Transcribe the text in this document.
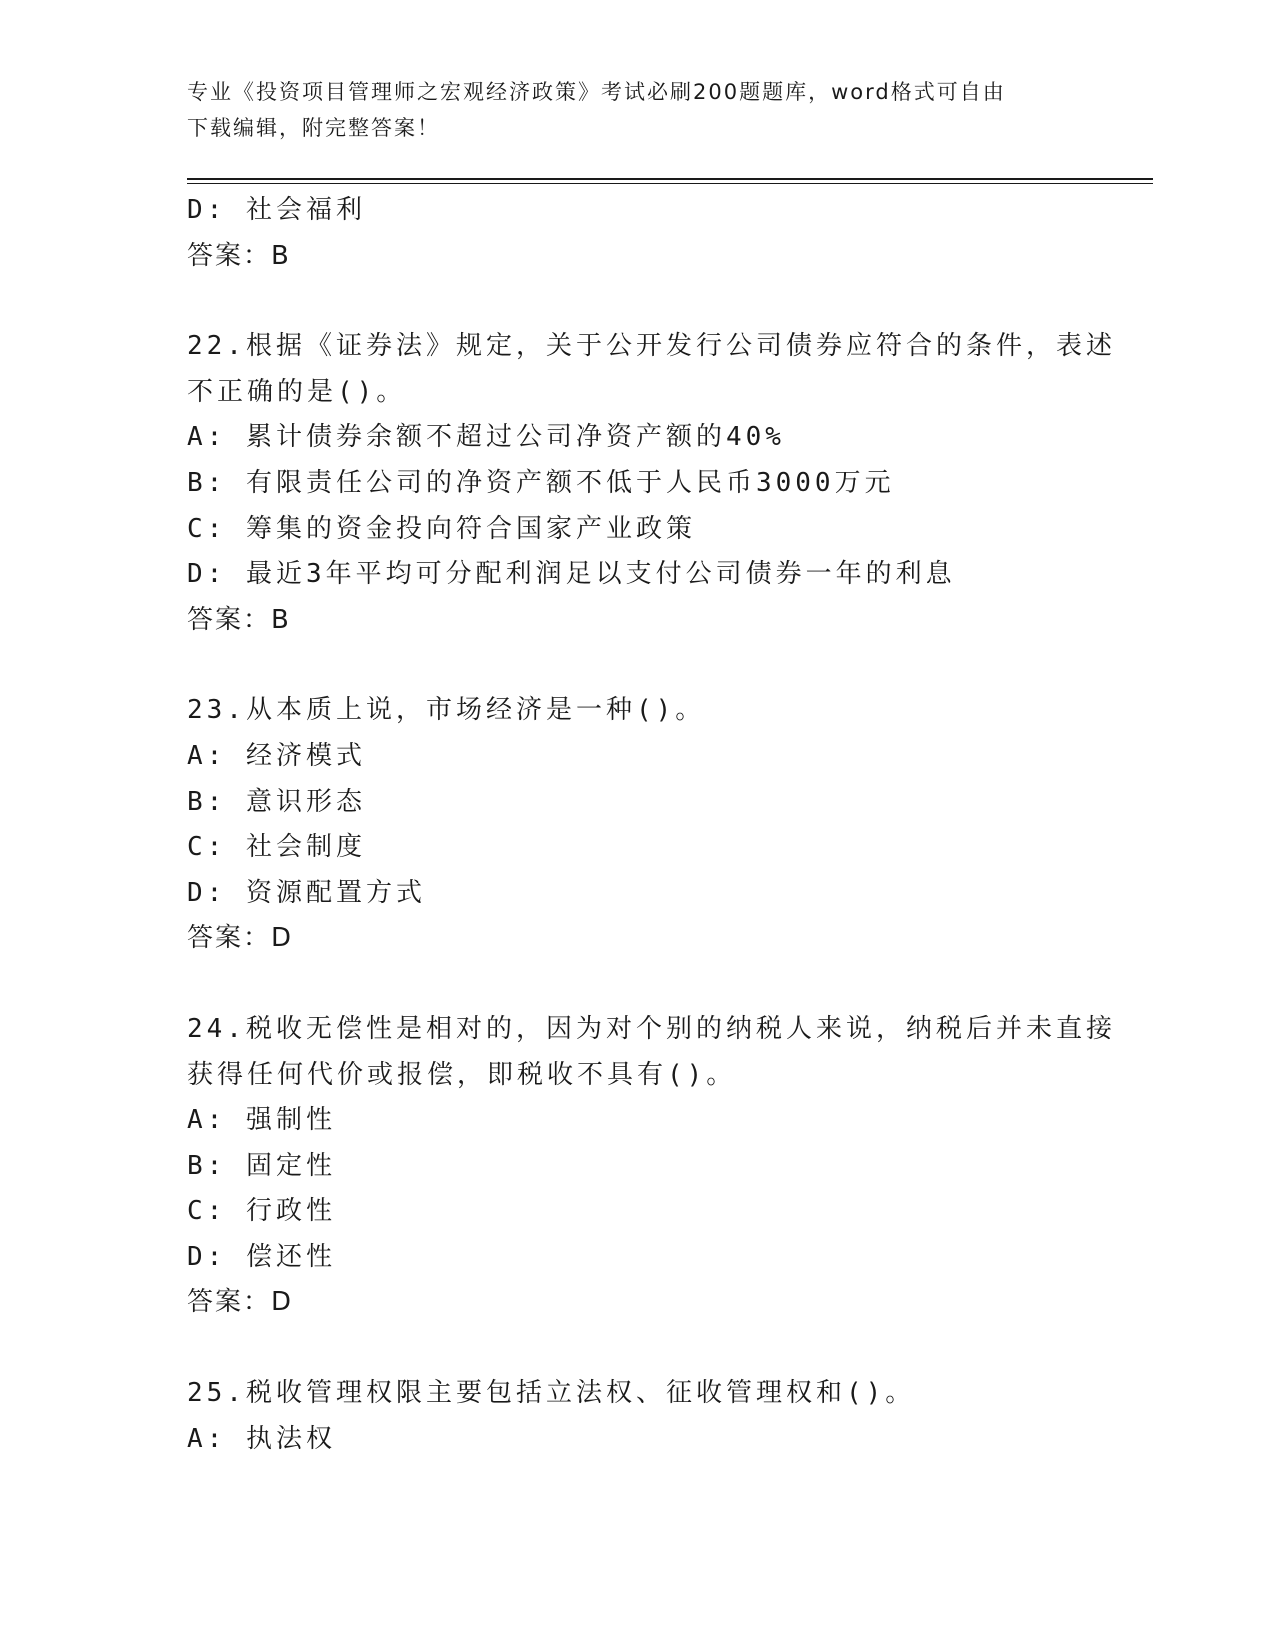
专业《投资项目管理师之宏观经济政策》考试必刷200题题库，word格式可自由
下载编辑，附完整答案！
D: 社会福利
答案：B
22.根据《证券法》规定，关于公开发行公司债券应符合的条件，表述
不正确的是()。
A: 累计债券余额不超过公司净资产额的40%
B: 有限责任公司的净资产额不低于人民币3000万元
C: 筹集的资金投向符合国家产业政策
D: 最近3年平均可分配利润足以支付公司债券一年的利息
答案：B
23.从本质上说，市场经济是一种()。
A: 经济模式
B: 意识形态
C: 社会制度
D: 资源配置方式
答案：D
24.税收无偿性是相对的，因为对个别的纳税人来说，纳税后并未直接
获得任何代价或报偿，即税收不具有()。
A: 强制性
B: 固定性
C: 行政性
D: 偿还性
答案：D
25.税收管理权限主要包括立法权、征收管理权和()。
A: 执法权
